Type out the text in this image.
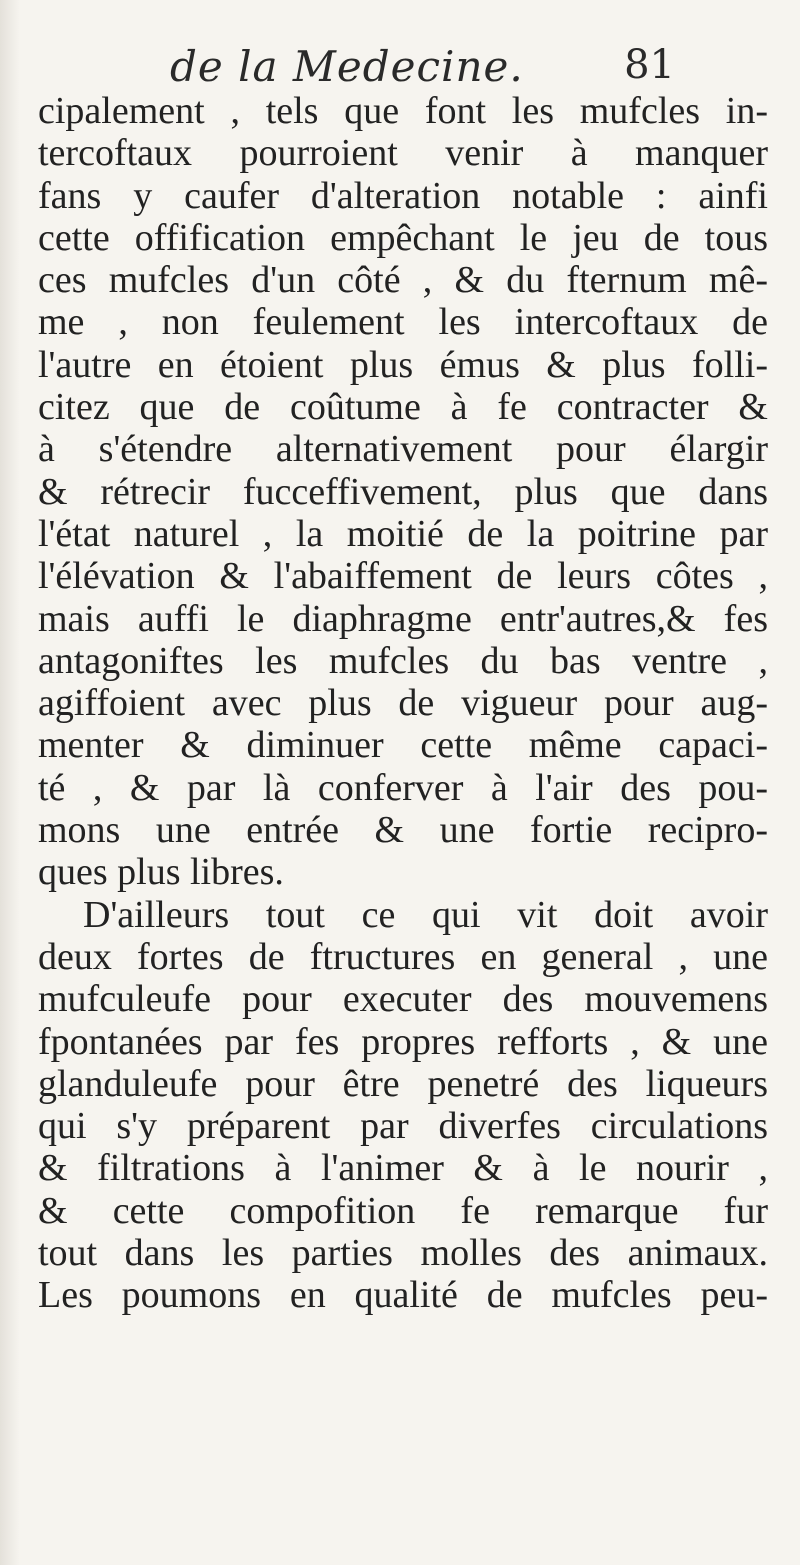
de la Medecine.	81
cipalement , tels que font les mufcles in-
tercoftaux pourroient venir à manquer
fans y caufer d'alteration notable : ainfi
cette offification empêchant le jeu de tous
ces mufcles d'un côté , & du fternum mê-
me , non feulement les intercoftaux de
l'autre en étoient plus émus & plus folli-
citez que de coûtume à fe contracter &
à s'étendre alternativement pour élargir
& rétrecir fucceffivement, plus que dans
l'état naturel , la moitié de la poitrine par
l'élévation & l'abaiffement de leurs côtes ,
mais auffi le diaphragme entr'autres,& fes
antagoniftes les mufcles du bas ventre ,
agiffoient avec plus de vigueur pour aug-
menter & diminuer cette même capaci-
té , & par là conferver à l'air des pou-
mons une entrée & une fortie recipro-
ques plus libres.
D'ailleurs tout ce qui vit doit avoir
deux fortes de ftructures en general , une
mufculeufe pour executer des mouvemens
fpontanées par fes propres refforts , & une
glanduleufe pour être penetré des liqueurs
qui s'y préparent par diverfes circulations
& filtrations à l'animer & à le nourir ,
& cette compofition fe remarque fur
tout dans les parties molles des animaux.
Les poumons en qualité de mufcles peu-
